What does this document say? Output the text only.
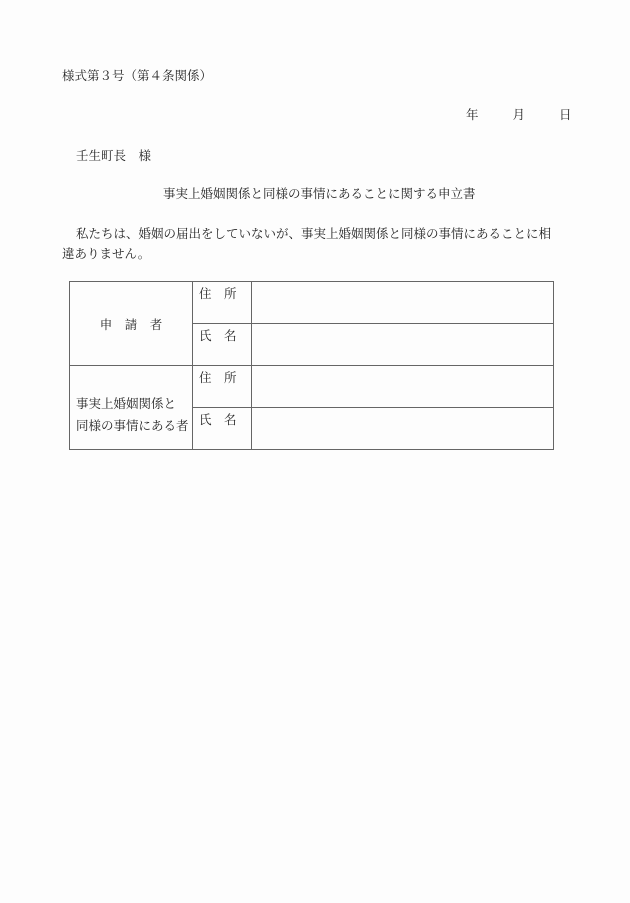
様式第３号（第４条関係）
年	月	日
壬生町長　様
事実上婚姻関係と同様の事情にあることに関する申立書
私たちは、婚姻の届出をしていないが、事実上婚姻関係と同様の事情にあることに相違ありません。
申　請　者	住　所	
	氏　名	

事実上婚姻関係と
同様の事情にある者	住　所	
	氏　名	
